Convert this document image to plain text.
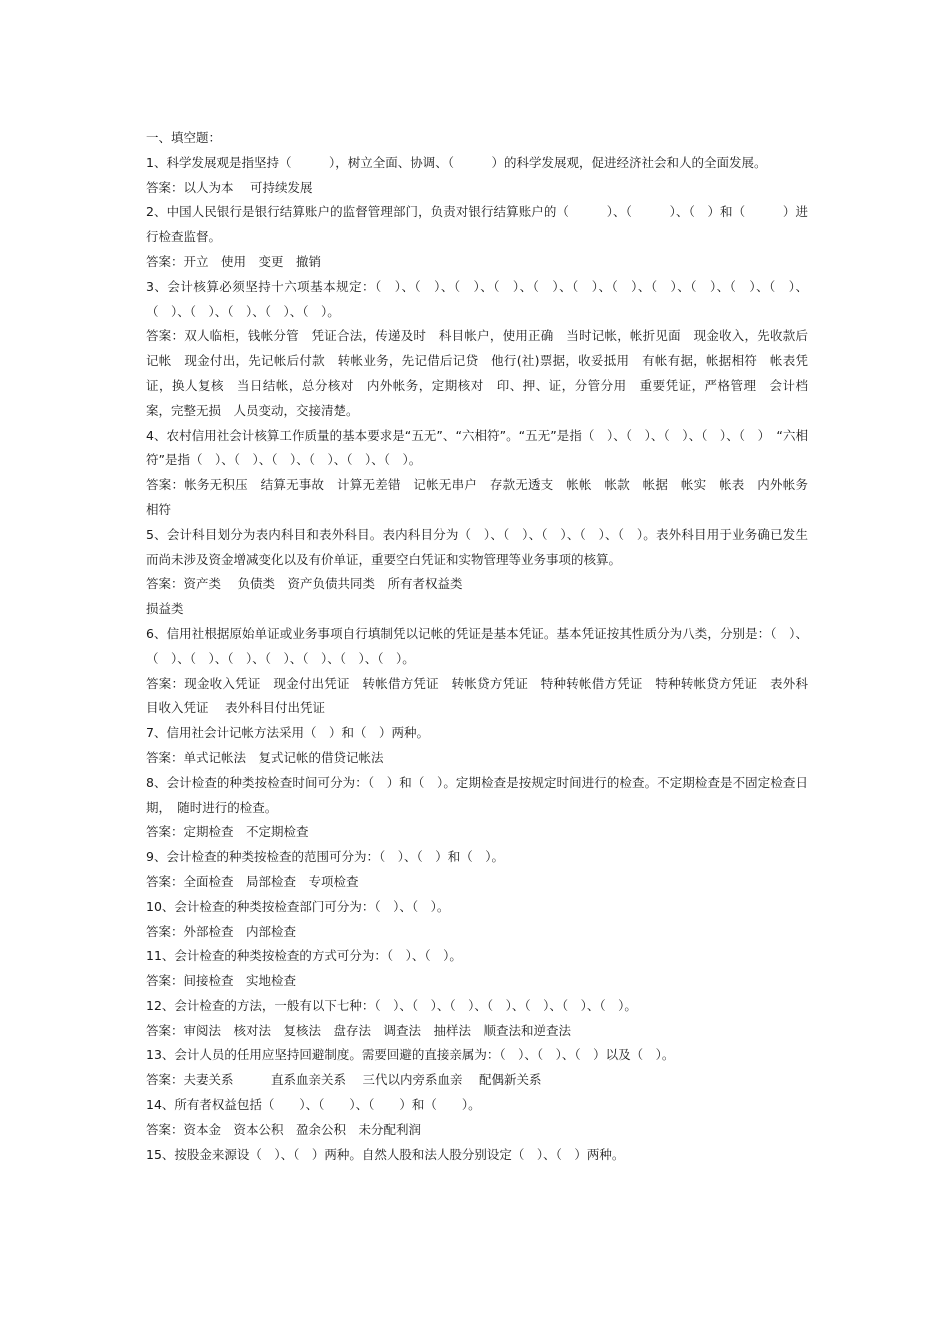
一、填空题：

1、科学发展观是指坚持（　　　），树立全面、协调、（　　　）的科学发展观，促进经济社会和人的全面发展。

答案：以人为本　 可持续发展

2、中国人民银行是银行结算账户的监督管理部门，负责对银行结算账户的（　　　）、（　　　）、（　）和（　　　）进行检查监督。

答案：开立　使用　变更　撤销

3、会计核算必须坚持十六项基本规定：（　）、（　）、（　）、（　）、（　）、（　）、（　）、（　）、（　）、（　）、（　）、（　）、（　）、（　）、（　）、（　）。

答案：双人临柜，钱帐分管　凭证合法，传递及时　科目帐户，使用正确　当时记帐，帐折见面　现金收入，先收款后记帐　现金付出，先记帐后付款　转帐业务，先记借后记贷　他行(社)票据，收妥抵用　有帐有据，帐据相符　帐表凭证，换人复核　当日结帐，总分核对　内外帐务，定期核对　印、押、证，分管分用　重要凭证，严格管理　会计档案，完整无损　人员变动，交接清楚。

4、农村信用社会计核算工作质量的基本要求是“五无”、“六相符”。“五无”是指（　）、（　）、（　）、（　）、（　）　“六相符”是指（　）、（　）、（　）、（　）、（　）、（　）。

答案：帐务无积压　结算无事故　计算无差错　记帐无串户　存款无透支　帐帐　帐款　帐据　帐实　帐表　内外帐务相符

5、会计科目划分为表内科目和表外科目。表内科目分为（　）、（　）、（　）、（　）、（　）。表外科目用于业务确已发生而尚未涉及资金增减变化以及有价单证，重要空白凭证和实物管理等业务事项的核算。

答案：资产类　 负债类　资产负债共同类　所有者权益类
损益类

6、信用社根据原始单证或业务事项自行填制凭以记帐的凭证是基本凭证。基本凭证按其性质分为八类，分别是：（　）、（　）、（　）、（　）、（　）、（　）、（　）、（　）。

答案：现金收入凭证　现金付出凭证　转帐借方凭证　转帐贷方凭证　特种转帐借方凭证　特种转帐贷方凭证　表外科目收入凭证　 表外科目付出凭证

7、信用社会计记帐方法采用（　）和（　）两种。

答案：单式记帐法　复式记帐的借贷记帐法

8、会计检查的种类按检查时间可分为：（　）和（　）。定期检查是按规定时间进行的检查。不定期检查是不固定检查日期，　随时进行的检查。

答案：定期检查　不定期检查

9、会计检查的种类按检查的范围可分为：（　）、（　）和（　）。

答案：全面检查　局部检查　专项检查

10、会计检查的种类按检查部门可分为：（　）、（　）。

答案：外部检查　内部检查

11、会计检查的种类按检查的方式可分为：（　）、（　）。

答案：间接检查　实地检查

12、会计检查的方法，一般有以下七种：（　）、（　）、（　）、（　）、（　）、（　）、（　）。

答案：审阅法　核对法　复核法　盘存法　调查法　抽样法　顺查法和逆查法

13、会计人员的任用应坚持回避制度。需要回避的直接亲属为：（　）、（　）、（　）以及（　）。

答案：夫妻关系　　　直系血亲关系　 三代以内旁系血亲　 配偶新关系

14、所有者权益包括（　　）、（　　）、（　　）和（　　）。

答案：资本金　资本公积　盈余公积　未分配利润

15、按股金来源设（　）、（　）两种。自然人股和法人股分别设定（　）、（　）两种。
